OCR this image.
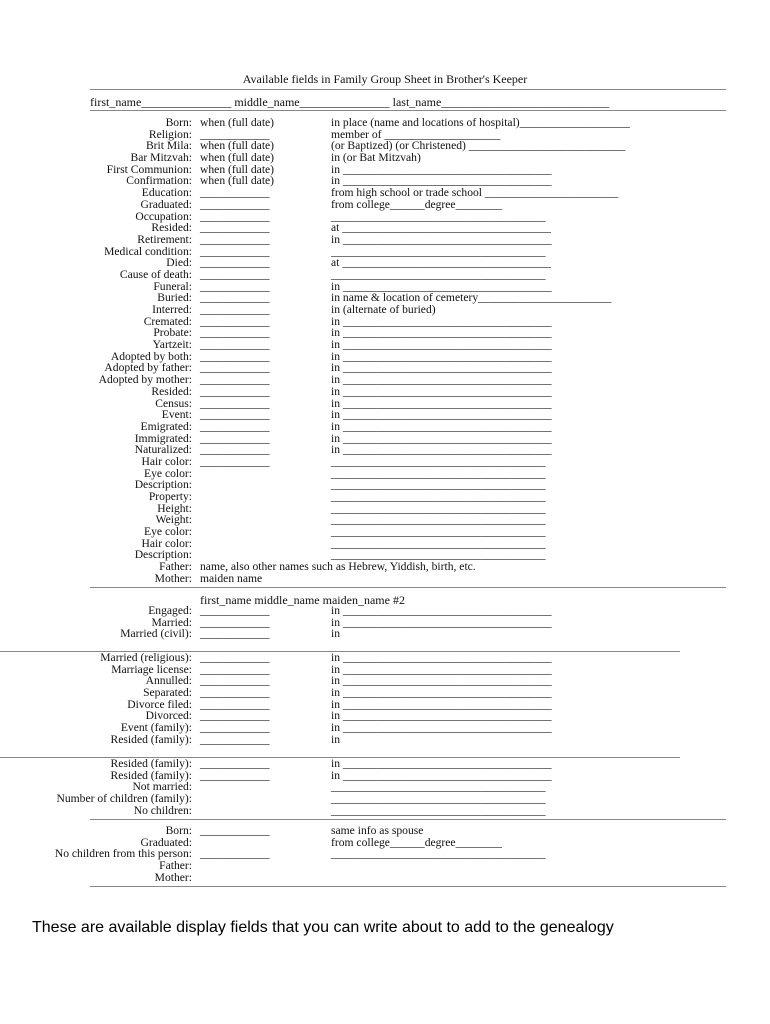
Available fields in Family Group Sheet in Brother's Keeper
first_name_______________ middle_name_______________ last_name____________________________
Born: when (full date)	in place (name and locations of hospital)___________________
Religion: ____________	member of ____________________
Brit Mila: when (full date)	(or Baptized) (or Christened) ___________________________
Bar Mitzvah: when (full date)	in (or Bat Mitzvah)
First Communion: when (full date)	in ____________________________________
Confirmation: when (full date)	in ____________________________________
Education: ____________	from high school or trade school _______________________
Graduated: ____________	from college______degree________
Occupation: ____________	_____________________________________
Resided: ____________	at ____________________________________
Retirement: ____________	in ____________________________________
Medical condition: ____________	_____________________________________
Died: ____________	at ____________________________________
Cause of death: ____________	_____________________________________
Funeral: ____________	in ____________________________________
Buried: ____________	in name & location of cemetery_______________________
Interred: ____________	in (alternate of buried)
Cremated: ____________	in ____________________________________
Probate: ____________	in ____________________________________
Yartzeit: ____________	in ____________________________________
Adopted by both: ____________	in ____________________________________
Adopted by father: ____________	in ____________________________________
Adopted by mother: ____________	in ____________________________________
Resided: ____________	in ____________________________________
Census: ____________	in ____________________________________
Event: ____________	in ____________________________________
Emigrated: ____________	in ____________________________________
Immigrated: ____________	in ____________________________________
Naturalized: ____________	in ____________________________________
Hair color: ____________	_____________________________________
Eye color:	_____________________________________
Description:	_____________________________________
Property:	_____________________________________
Height:	_____________________________________
Weight:	_____________________________________
Eye color:	_____________________________________
Hair color:	_____________________________________
Description:	_____________________________________
Father: name, also other names such as Hebrew, Yiddish, birth, etc.
Mother: maiden name
first_name middle_name maiden_name #2
Engaged: ____________	in ____________________________________
Married: ____________	in ____________________________________
Married (civil): ____________	in
Married (religious): ____________	in ____________________________________
Marriage license: ____________	in ____________________________________
Annulled: ____________	in ____________________________________
Separated: ____________	in ____________________________________
Divorce filed: ____________	in ____________________________________
Divorced: ____________	in ____________________________________
Event (family): ____________	in ____________________________________
Resided (family): ____________	in
Resided (family): ____________	in ____________________________________
Resided (family): ____________	in ____________________________________
Not married:	_____________________________________
Number of children (family):	_____________________________________
No children:	_____________________________________
Born: ____________	same info as spouse
Graduated:	from college______degree________
No children from this person: ____________	_____________________________________
Father:
Mother:
These are available display fields that you can write about to add to the genealogy
